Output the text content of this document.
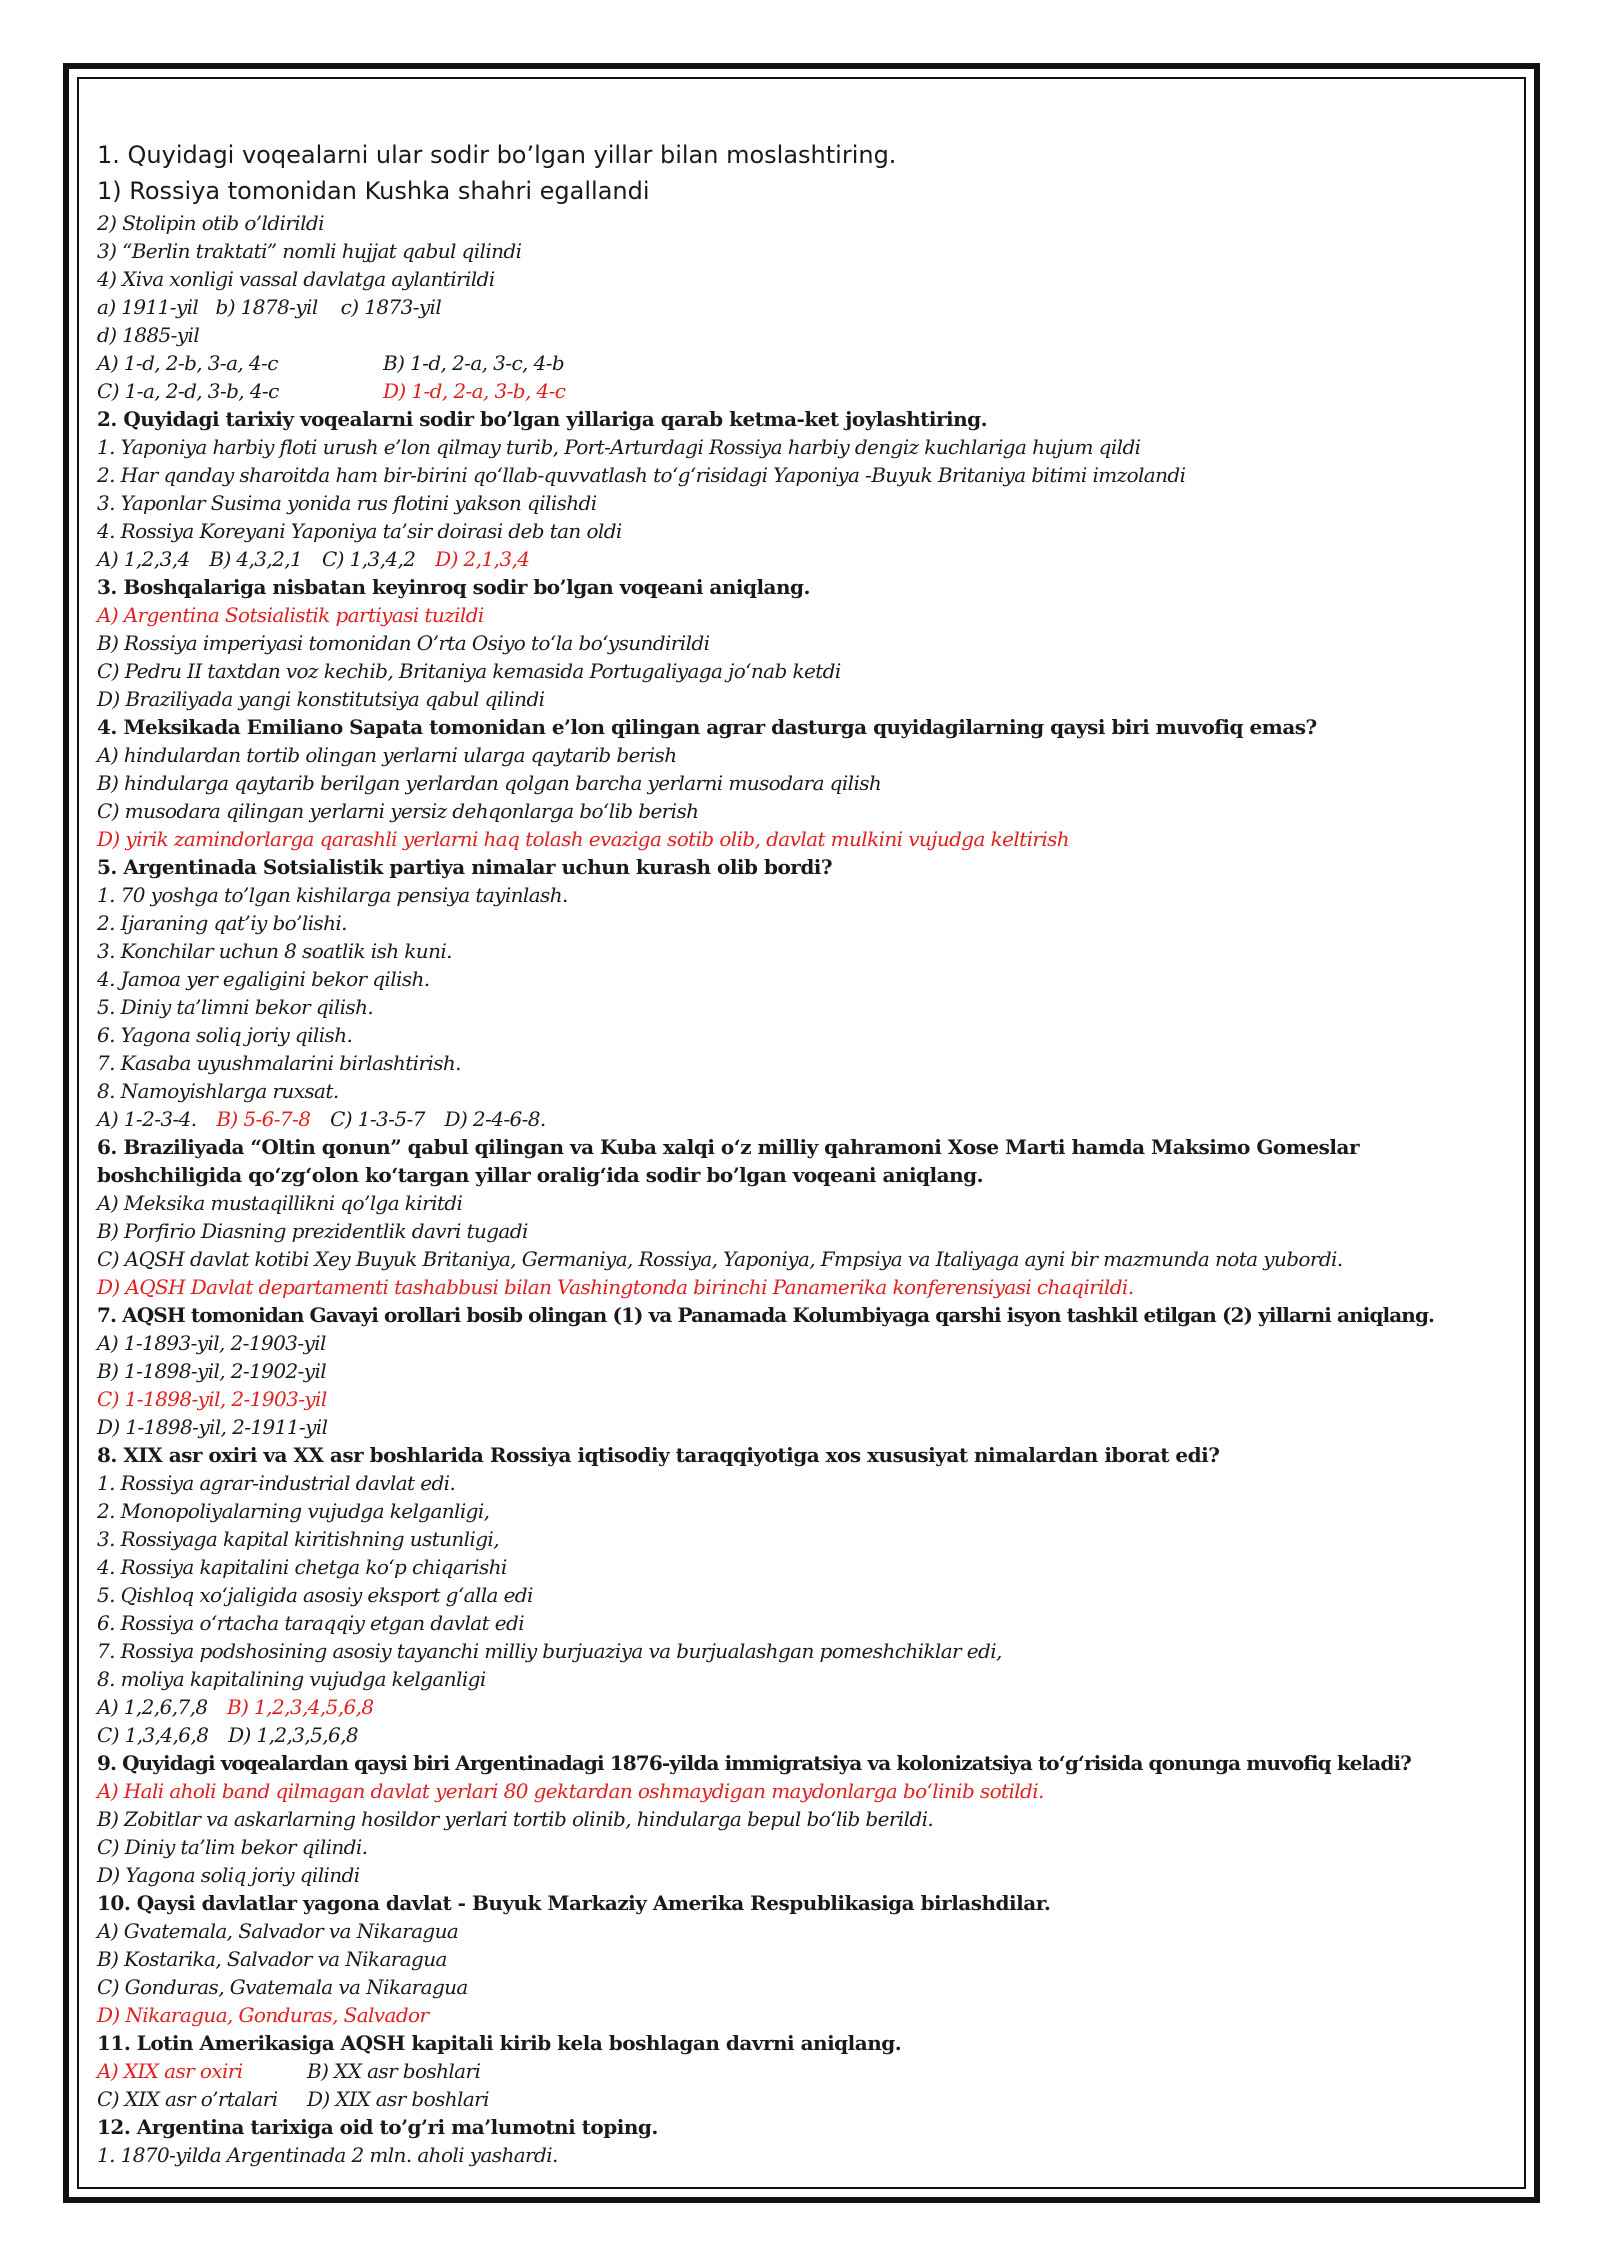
1. Quyidagi voqealarni ular sodir bo’lgan yillar bilan moslashtiring.
1) Rossiya tomonidan Kushka shahri egallandi
2) Stolipin otib o’ldirildi
3) “Berlin traktati” nomli hujjat qabul qilindi
4) Xiva xonligi vassal davlatga aylantirildi
a) 1911-yil   b) 1878-yil    c) 1873-yil
d) 1885-yil
A) 1-d, 2-b, 3-a, 4-c	B) 1-d, 2-a, 3-c, 4-b
C) 1-a, 2-d, 3-b, 4-c	D) 1-d, 2-a, 3-b, 4-c
2. Quyidagi tarixiy voqealarni sodir bo’lgan yillariga qarab ketma-ket joylashtiring.
1. Yaponiya harbiy floti urush e’lon qilmay turib, Port-Arturdagi Rossiya harbiy dengiz kuchlariga hujum qildi
2. Har qanday sharoitda ham bir-birini qo‘llab-quvvatlash to‘g‘risidagi Yaponiya -Buyuk Britaniya bitimi imzolandi
3. Yaponlar Susima yonida rus flotini yakson qilishdi
4. Rossiya Koreyani Yaponiya ta’sir doirasi deb tan oldi
A) 1,2,3,4 B) 4,3,2,1 C) 1,3,4,2 D) 2,1,3,4
3. Boshqalariga nisbatan keyinroq sodir bo’lgan voqeani aniqlang.
A) Argentina Sotsialistik partiyasi tuzildi
B) Rossiya imperiyasi tomonidan O’rta Osiyo to‘la bo‘ysundirildi
C) Pedru II taxtdan voz kechib, Britaniya kemasida Portugaliyaga jo‘nab ketdi
D) Braziliyada yangi konstitutsiya qabul qilindi
4. Meksikada Emiliano Sapata tomonidan e’lon qilingan agrar dasturga quyidagilarning qaysi biri muvofiq emas?
A) hindulardan tortib olingan yerlarni ularga qaytarib berish
B) hindularga qaytarib berilgan yerlardan qolgan barcha yerlarni musodara qilish
C) musodara qilingan yerlarni yersiz dehqonlarga bo‘lib berish
D) yirik zamindorlarga qarashli yerlarni haq tolash evaziga sotib olib, davlat mulkini vujudga keltirish
5. Argentinada Sotsialistik partiya nimalar uchun kurash olib bordi?
1. 70 yoshga to’lgan kishilarga pensiya tayinlash.
2. Ijaraning qat’iy bo’lishi.
3. Konchilar uchun 8 soatlik ish kuni.
4. Jamoa yer egaligini bekor qilish.
5. Diniy ta’limni bekor qilish.
6. Yagona soliq joriy qilish.
7. Kasaba uyushmalarini birlashtirish.
8. Namoyishlarga ruxsat.
A) 1-2-3-4. B) 5-6-7-8 C) 1-3-5-7 D) 2-4-6-8.
6. Braziliyada “Oltin qonun” qabul qilingan va Kuba xalqi o‘z milliy qahramoni Xose Marti hamda Maksimo Gomeslar
boshchiligida qo‘zg‘olon ko‘targan yillar oralig‘ida sodir bo’lgan voqeani aniqlang.
A) Meksika mustaqillikni qo’lga kiritdi
B) Porfirio Diasning prezidentlik davri tugadi
C) AQSH davlat kotibi Xey Buyuk Britaniya, Germaniya, Rossiya, Yaponiya, Fmpsiya va Italiyaga ayni bir mazmunda nota yubordi.
D) AQSH Davlat departamenti tashabbusi bilan Vashingtonda birinchi Panamerika konferensiyasi chaqirildi.
7. AQSH tomonidan Gavayi orollari bosib olingan (1) va Panamada Kolumbiyaga qarshi isyon tashkil etilgan (2) yillarni aniqlang.
A) 1-1893-yil, 2-1903-yil
B) 1-1898-yil, 2-1902-yil
C) 1-1898-yil, 2-1903-yil
D) 1-1898-yil, 2-1911-yil
8. XIX asr oxiri va XX asr boshlarida Rossiya iqtisodiy taraqqiyotiga xos xususiyat nimalardan iborat edi?
1. Rossiya agrar-industrial davlat edi.
2. Monopoliyalarning vujudga kelganligi,
3. Rossiyaga kapital kiritishning ustunligi,
4. Rossiya kapitalini chetga ko‘p chiqarishi
5. Qishloq xo‘jaligida asosiy eksport g‘alla edi
6. Rossiya o‘rtacha taraqqiy etgan davlat edi
7. Rossiya podshosining asosiy tayanchi milliy burjuaziya va burjualashgan pomeshchiklar edi,
8. moliya kapitalining vujudga kelganligi
A) 1,2,6,7,8 B) 1,2,3,4,5,6,8
C) 1,3,4,6,8 D) 1,2,3,5,6,8
9. Quyidagi voqealardan qaysi biri Argentinadagi 1876-yilda immigratsiya va kolonizatsiya to‘g‘risida qonunga muvofiq keladi?
A) Hali aholi band qilmagan davlat yerlari 80 gektardan oshmaydigan maydonlarga bo‘linib sotildi.
B) Zobitlar va askarlarning hosildor yerlari tortib olinib, hindularga bepul bo‘lib berildi.
C) Diniy ta’lim bekor qilindi.
D) Yagona soliq joriy qilindi
10. Qaysi davlatlar yagona davlat - Buyuk Markaziy Amerika Respublikasiga birlashdilar.
A) Gvatemala, Salvador va Nikaragua
B) Kostarika, Salvador va Nikaragua
C) Gonduras, Gvatemala va Nikaragua
D) Nikaragua, Gonduras, Salvador
11. Lotin Amerikasiga AQSH kapitali kirib kela boshlagan davrni aniqlang.
A) XIX asr oxiri	B) XX asr boshlari
C) XIX asr o’rtalari	D) XIX asr boshlari
12. Argentina tarixiga oid to’g’ri ma’lumotni toping.
1. 1870-yilda Argentinada 2 mln. aholi yashardi.
